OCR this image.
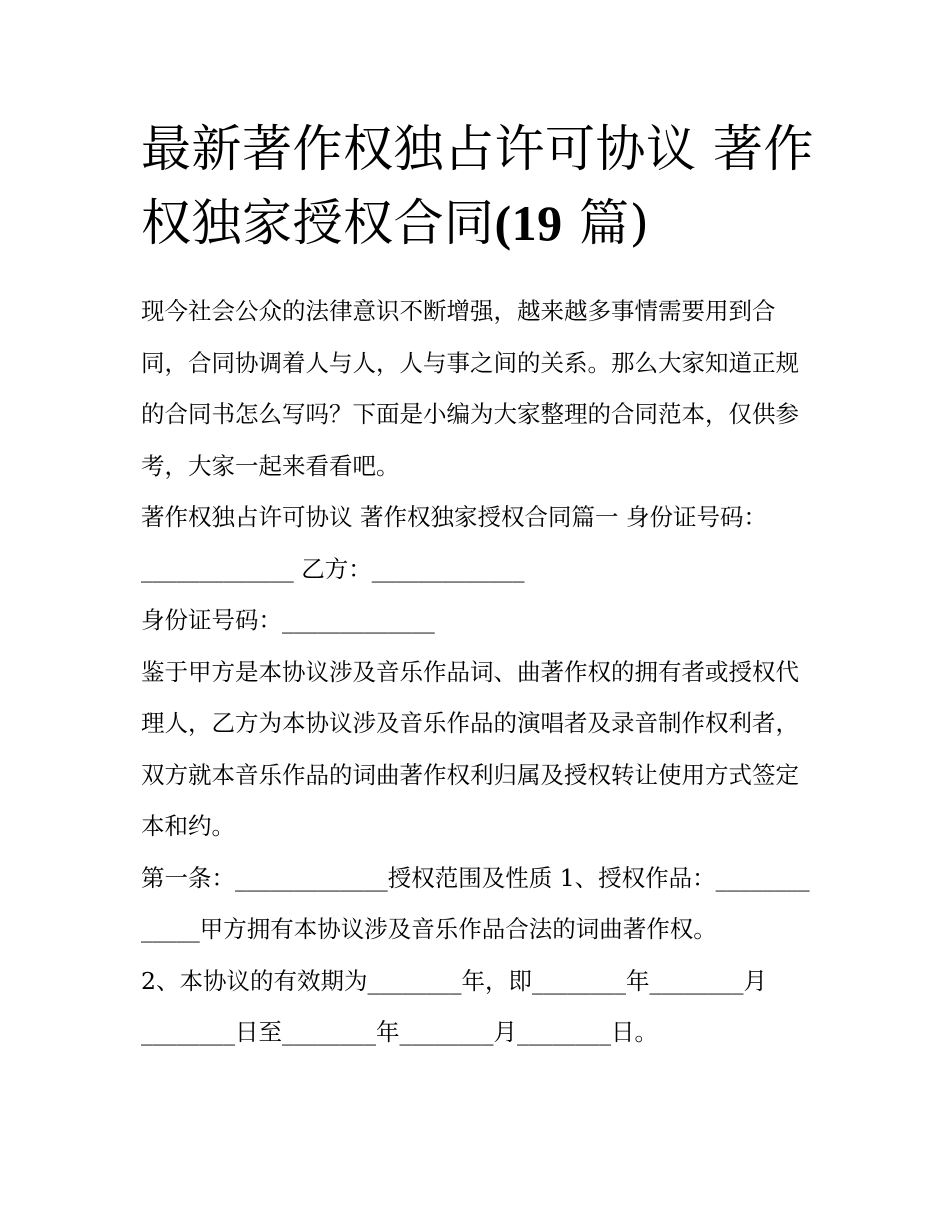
最新著作权独占许可协议 著作权独家授权合同(19 篇)

现今社会公众的法律意识不断增强，越来越多事情需要用到合同，合同协调着人与人，人与事之间的关系。那么大家知道正规的合同书怎么写吗？下面是小编为大家整理的合同范本，仅供参考，大家一起来看看吧。

著作权独占许可协议 著作权独家授权合同篇一 身份证号码：

_____________ 乙方：_____________

身份证号码：_____________

鉴于甲方是本协议涉及音乐作品词、曲著作权的拥有者或授权代理人，乙方为本协议涉及音乐作品的演唱者及录音制作权利者，双方就本音乐作品的词曲著作权利归属及授权转让使用方式签定本和约。

第一条：_____________授权范围及性质 1、授权作品：_____________甲方拥有本协议涉及音乐作品合法的词曲著作权。

2、本协议的有效期为________年，即________年________月

________日至________年________月________日。
